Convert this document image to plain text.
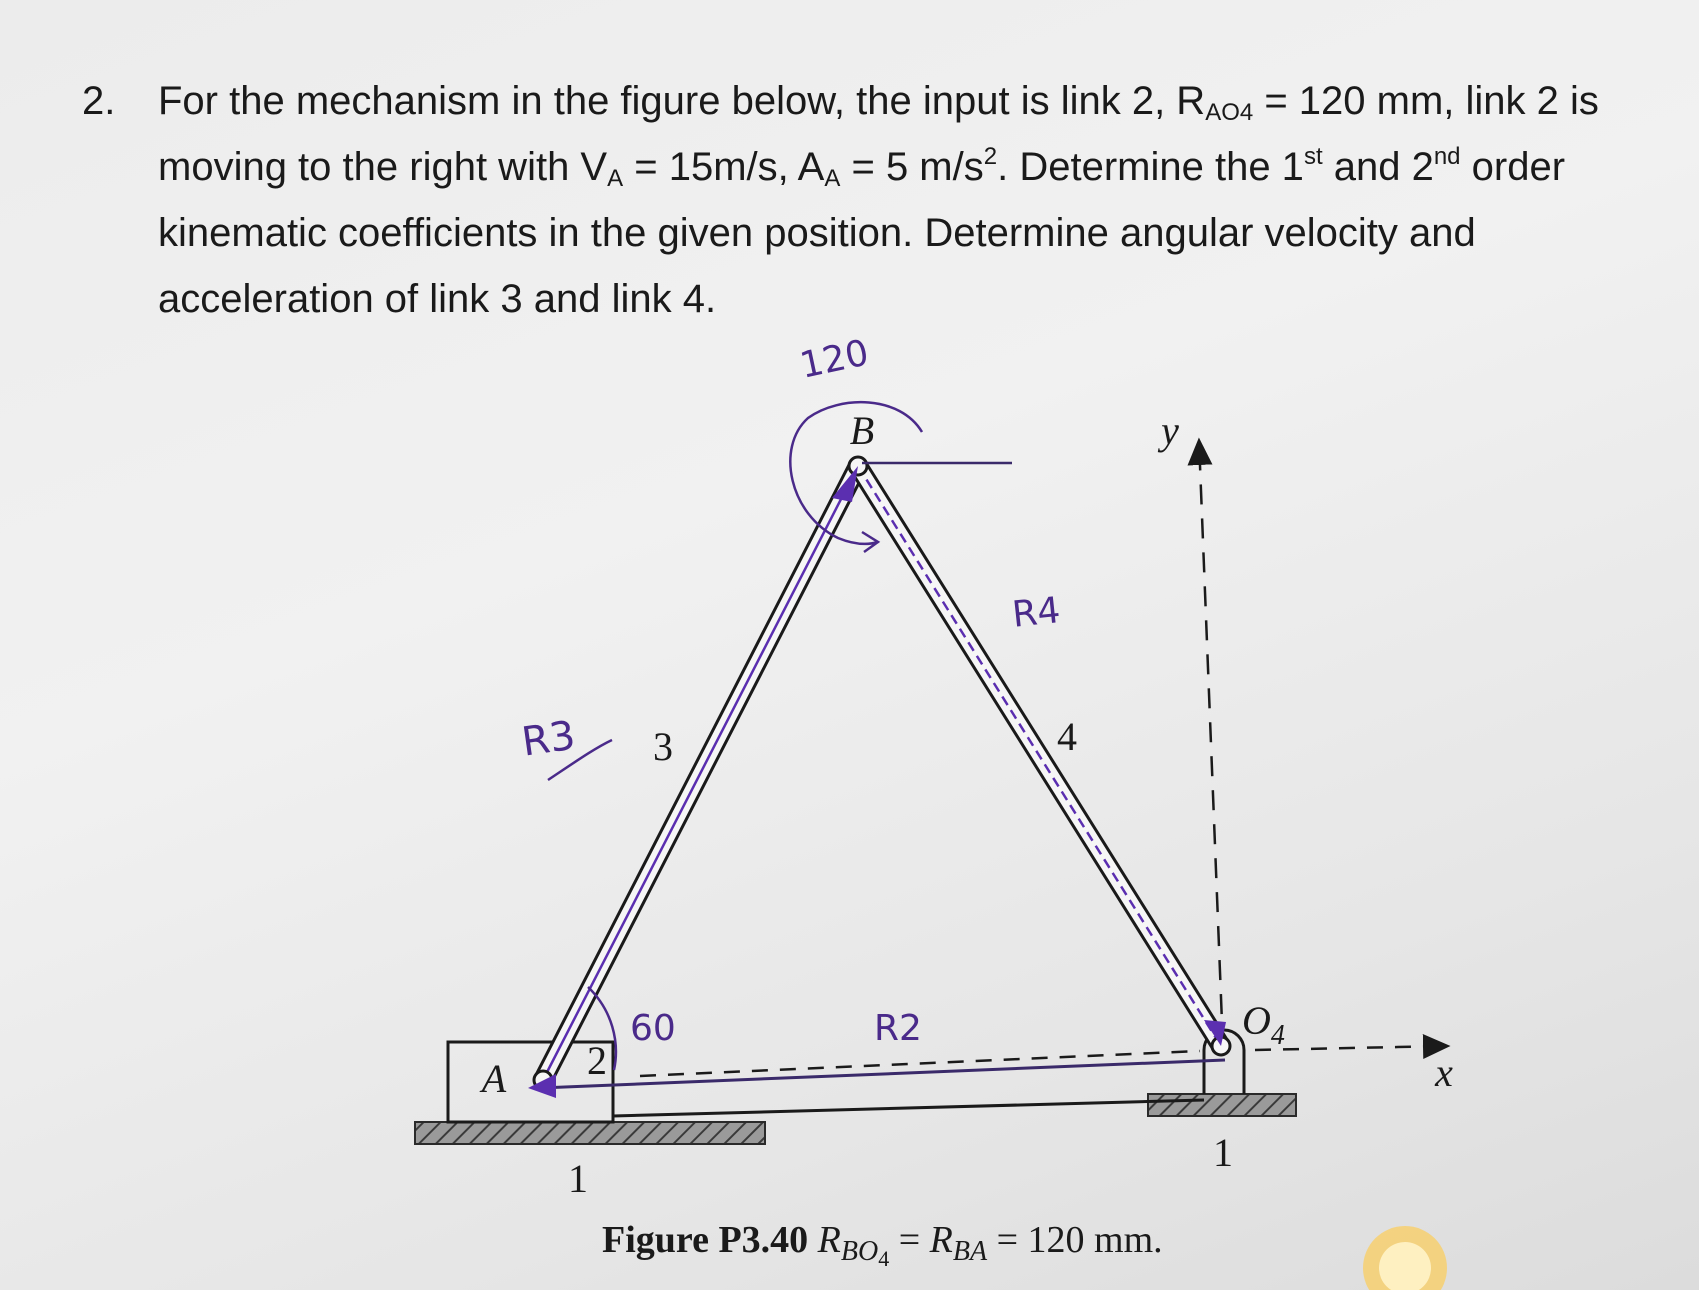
2. For the mechanism in the figure below, the input is link 2, $R_{AO4} = 120$ mm, link 2 is
moving to the right with $V_A = 15m/s$, $A_A = 5$ $m/s^2$. Determine the 1st and 2nd order
kinematic coefficients in the given position. Determine angular velocity and
acceleration of link 3 and link 4.
B
A 2
3	4
1
1
y
x
$O_4$
Figure P3.40 $R_{BO}4 = R_{BA} = 120$ mm.
120
60
R3
R4
R2
